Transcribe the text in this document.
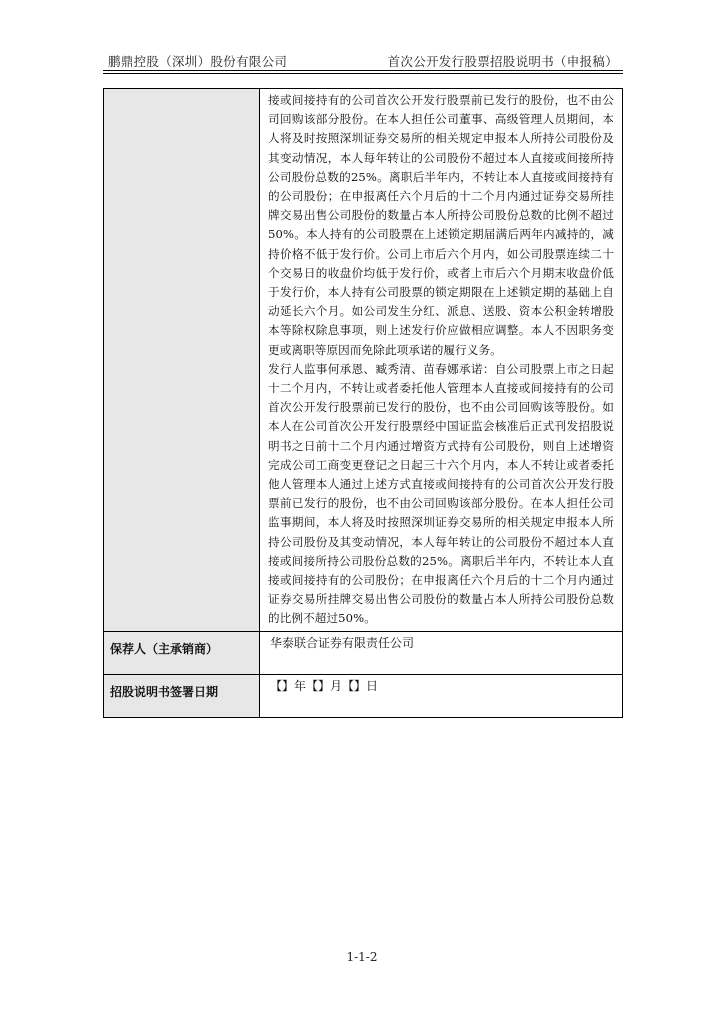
鹏鼎控股（深圳）股份有限公司	首次公开发行股票招股说明书（申报稿）

	接或间接持有的公司首次公开发行股票前已发行的股份，也不由公司回购该部分股份。在本人担任公司董事、高级管理人员期间，本人将及时按照深圳证券交易所的相关规定申报本人所持公司股份及其变动情况，本人每年转让的公司股份不超过本人直接或间接所持公司股份总数的25%。离职后半年内，不转让本人直接或间接持有的公司股份；在申报离任六个月后的十二个月内通过证券交易所挂牌交易出售公司股份的数量占本人所持公司股份总数的比例不超过50%。本人持有的公司股票在上述锁定期届满后两年内减持的，减持价格不低于发行价。公司上市后六个月内，如公司股票连续二十个交易日的收盘价均低于发行价，或者上市后六个月期末收盘价低于发行价，本人持有公司股票的锁定期限在上述锁定期的基础上自动延长六个月。如公司发生分红、派息、送股、资本公积金转增股本等除权除息事项，则上述发行价应做相应调整。本人不因职务变更或离职等原因而免除此项承诺的履行义务。

发行人监事何承恩、臧秀清、苗春娜承诺：自公司股票上市之日起十二个月内，不转让或者委托他人管理本人直接或间接持有的公司首次公开发行股票前已发行的股份，也不由公司回购该等股份。如本人在公司首次公开发行股票经中国证监会核准后正式刊发招股说明书之日前十二个月内通过增资方式持有公司股份，则自上述增资完成公司工商变更登记之日起三十六个月内，本人不转让或者委托他人管理本人通过上述方式直接或间接持有的公司首次公开发行股票前已发行的股份，也不由公司回购该部分股份。在本人担任公司监事期间，本人将及时按照深圳证券交易所的相关规定申报本人所持公司股份及其变动情况，本人每年转让的公司股份不超过本人直接或间接所持公司股份总数的25%。离职后半年内，不转让本人直接或间接持有的公司股份；在申报离任六个月后的十二个月内通过证券交易所挂牌交易出售公司股份的数量占本人所持公司股份总数的比例不超过50%。

保荐人（主承销商）	华泰联合证券有限责任公司
招股说明书签署日期	【】年【】月【】日
1-1-2
